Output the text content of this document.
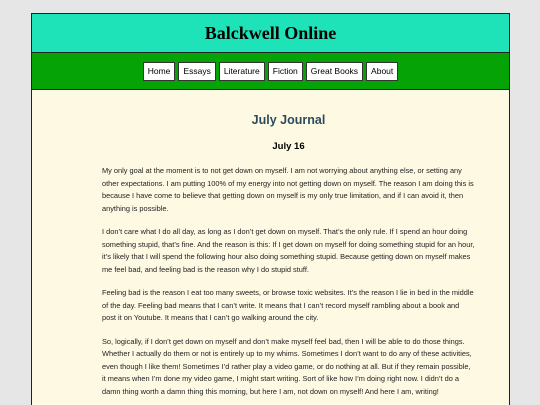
Balckwell Online
Home	Essays	Literature	Fiction	Great Books	About
July Journal
July 16

My only goal at the moment is to not get down on myself. I am not worrying about anything else, or setting any other expectations. I am putting 100% of my energy into not getting down on myself. The reason I am doing this is because I have come to believe that getting down on myself is my only true limitation, and if I can avoid it, then anything is possible.

I don’t care what I do all day, as long as I don’t get down on myself. That’s the only rule. If I spend an hour doing something stupid, that’s fine. And the reason is this: If I get down on myself for doing something stupid for an hour, it’s likely that I will spend the following hour also doing something stupid. Because getting down on myself makes me feel bad, and feeling bad is the reason why I do stupid stuff.

Feeling bad is the reason I eat too many sweets, or browse toxic websites. It’s the reason I lie in bed in the middle of the day. Feeling bad means that I can’t write. It means that I can’t record myself rambling about a book and post it on Youtube. It means that I can’t go walking around the city.

So, logically, if I don’t get down on myself and don’t make myself feel bad, then I will be able to do those things. Whether I actually do them or not is entirely up to my whims. Sometimes I don’t want to do any of these activities, even though I like them! Sometimes I’d rather play a video game, or do nothing at all. But if they remain possible, it means when I’m done my video game, I might start writing. Sort of like how I’m doing right now. I didn’t do a damn thing worth a damn thing this morning, but here I am, not down on myself! And here I am, writing!
